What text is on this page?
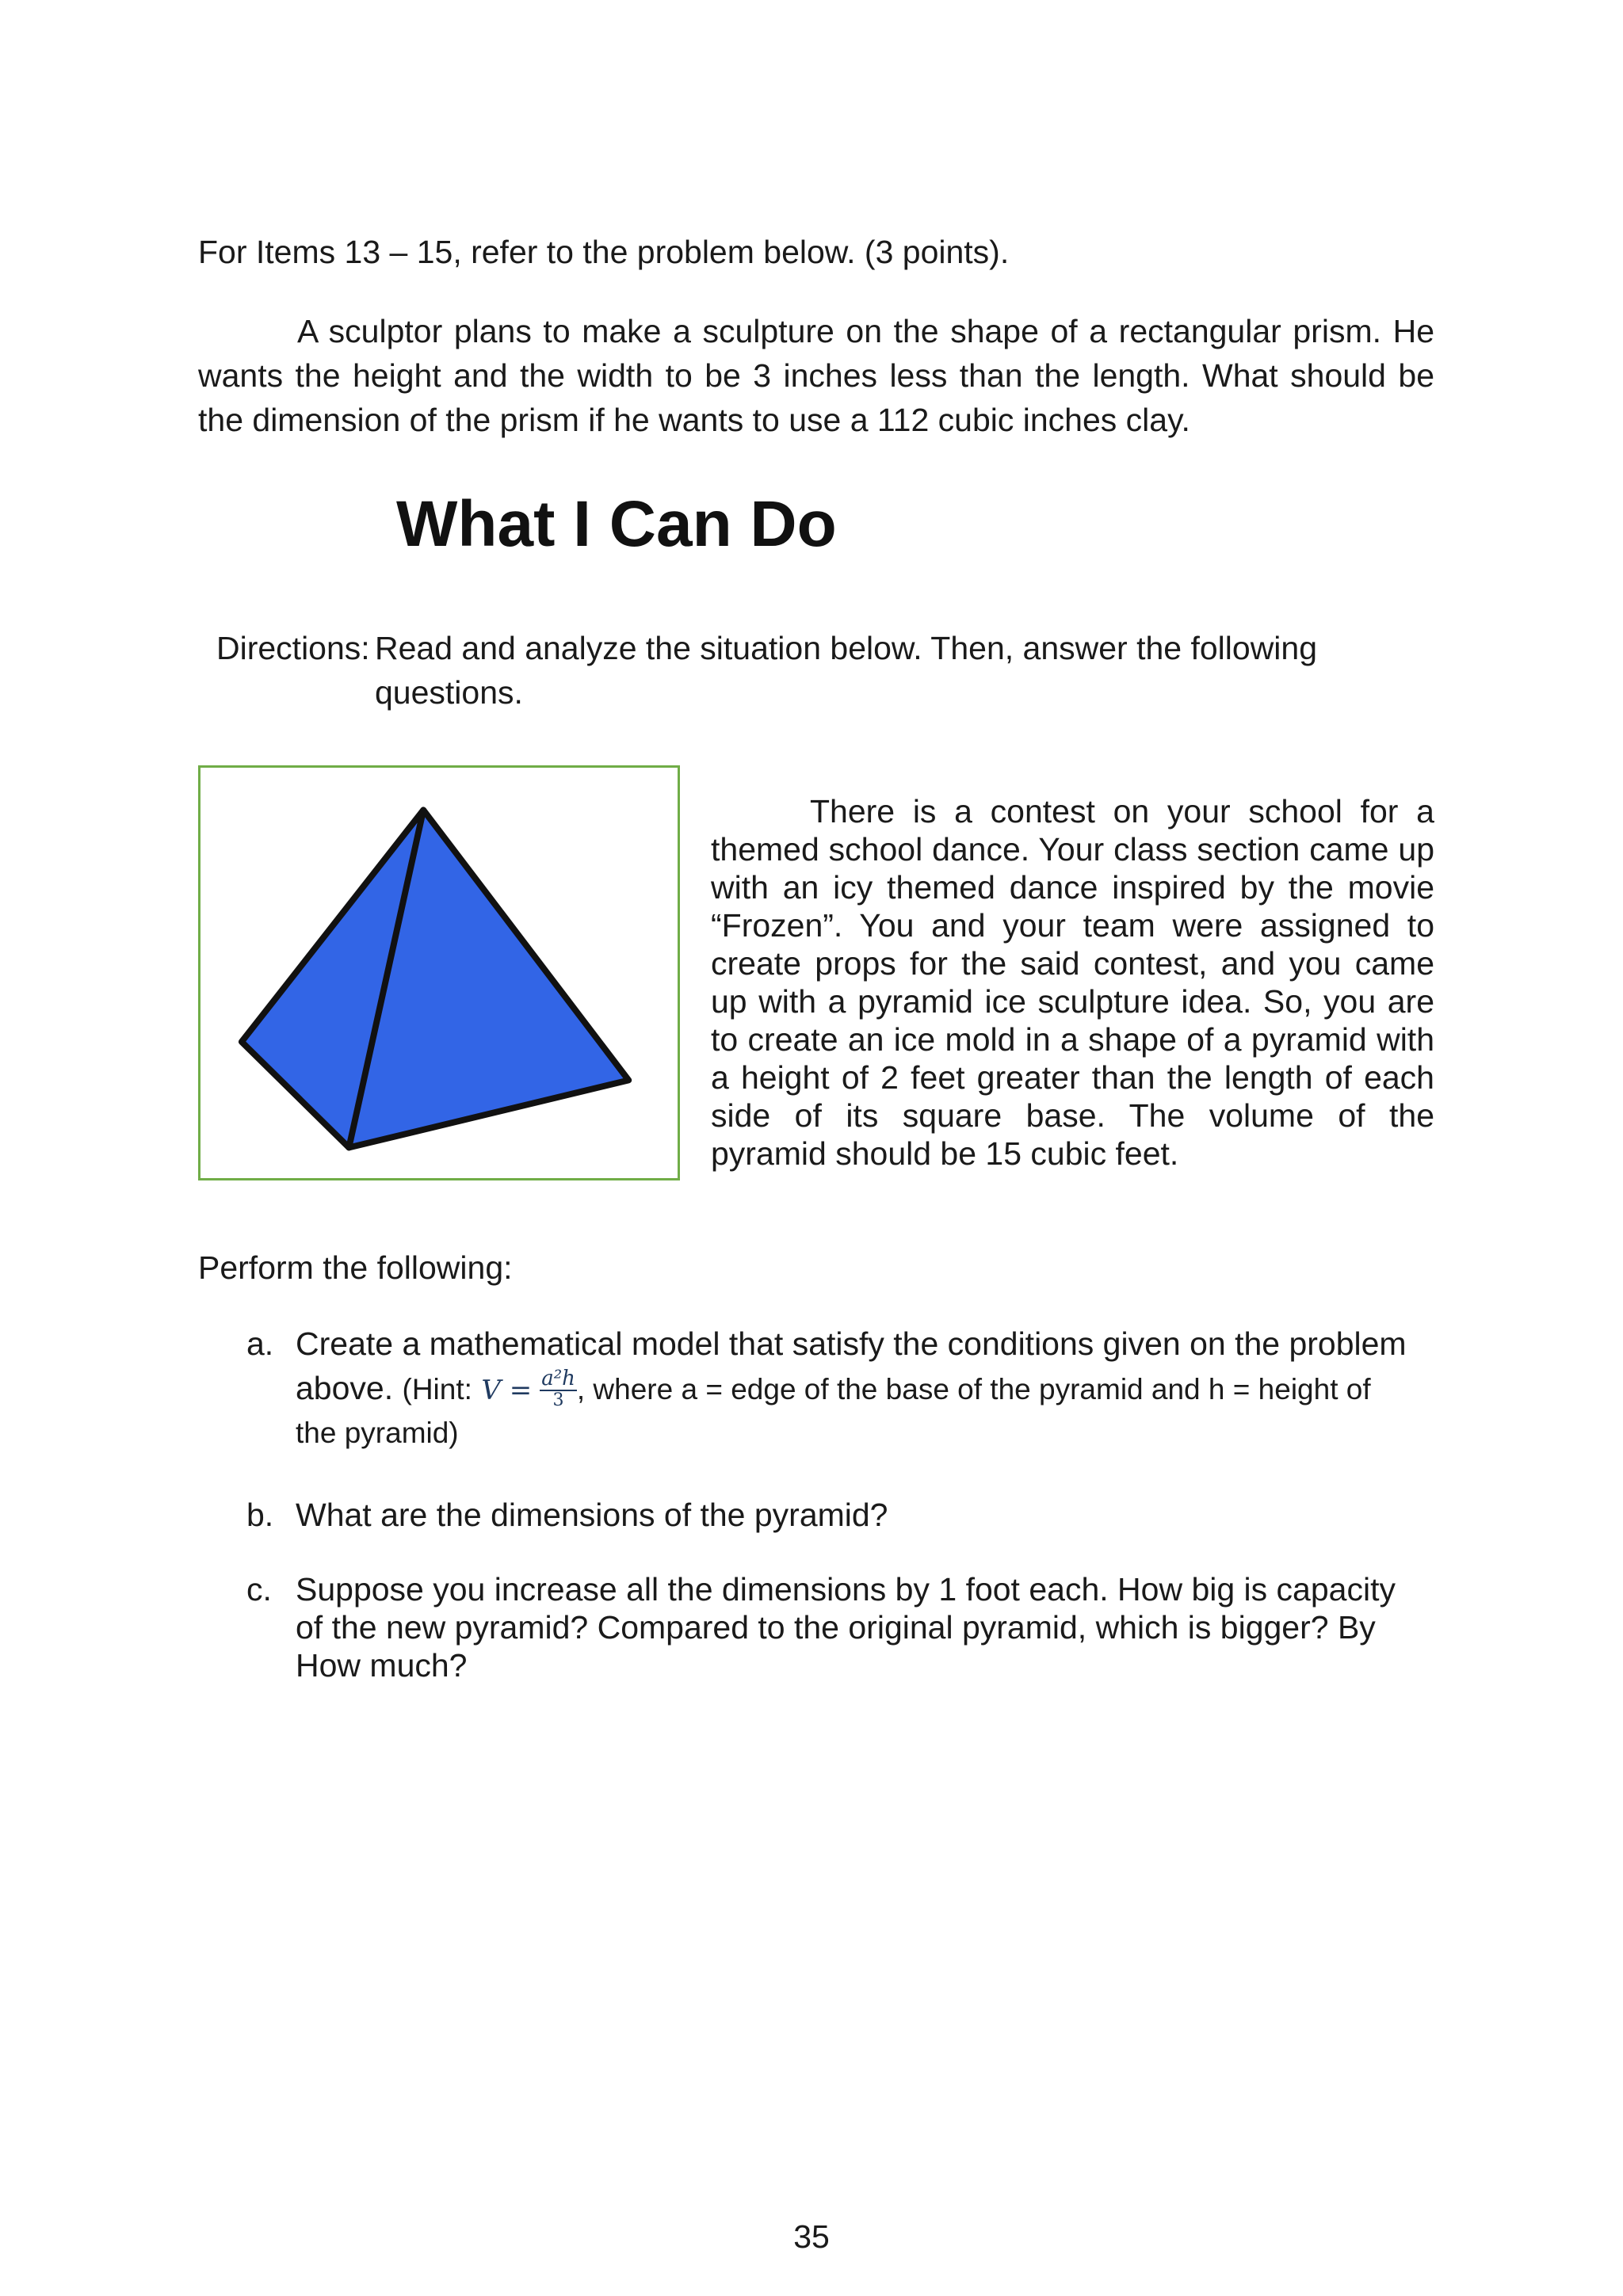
For Items 13 – 15, refer to the problem below. (3 points).
A sculptor plans to make a sculpture on the shape of a rectangular prism. He wants the height and the width to be 3 inches less than the length. What should be the dimension of the prism if he wants to use a 112 cubic inches clay.
What I Can Do
Directions: Read and analyze the situation below. Then, answer the following
questions.
There is a contest on your school for a themed school dance. Your class section came up with an icy themed dance inspired by the movie “Frozen”. You and your team were assigned to create props for the said contest, and you came up with a pyramid ice sculpture idea. So, you are to create an ice mold in a shape of a pyramid with a height of 2 feet greater than the length of each side of its square base. The volume of the pyramid should be 15 cubic feet.
Perform the following:
a. Create a mathematical model that satisfy the conditions given on the problem
above. (Hint: $V = \frac{\text{a²h}}{3}$ , where a = edge of the base of the pyramid and h = height of
the pyramid)
b. What are the dimensions of the pyramid?
c. Suppose you increase all the dimensions by 1 foot each. How big is capacity
of the new pyramid? Compared to the original pyramid, which is bigger? By
How much?
35
